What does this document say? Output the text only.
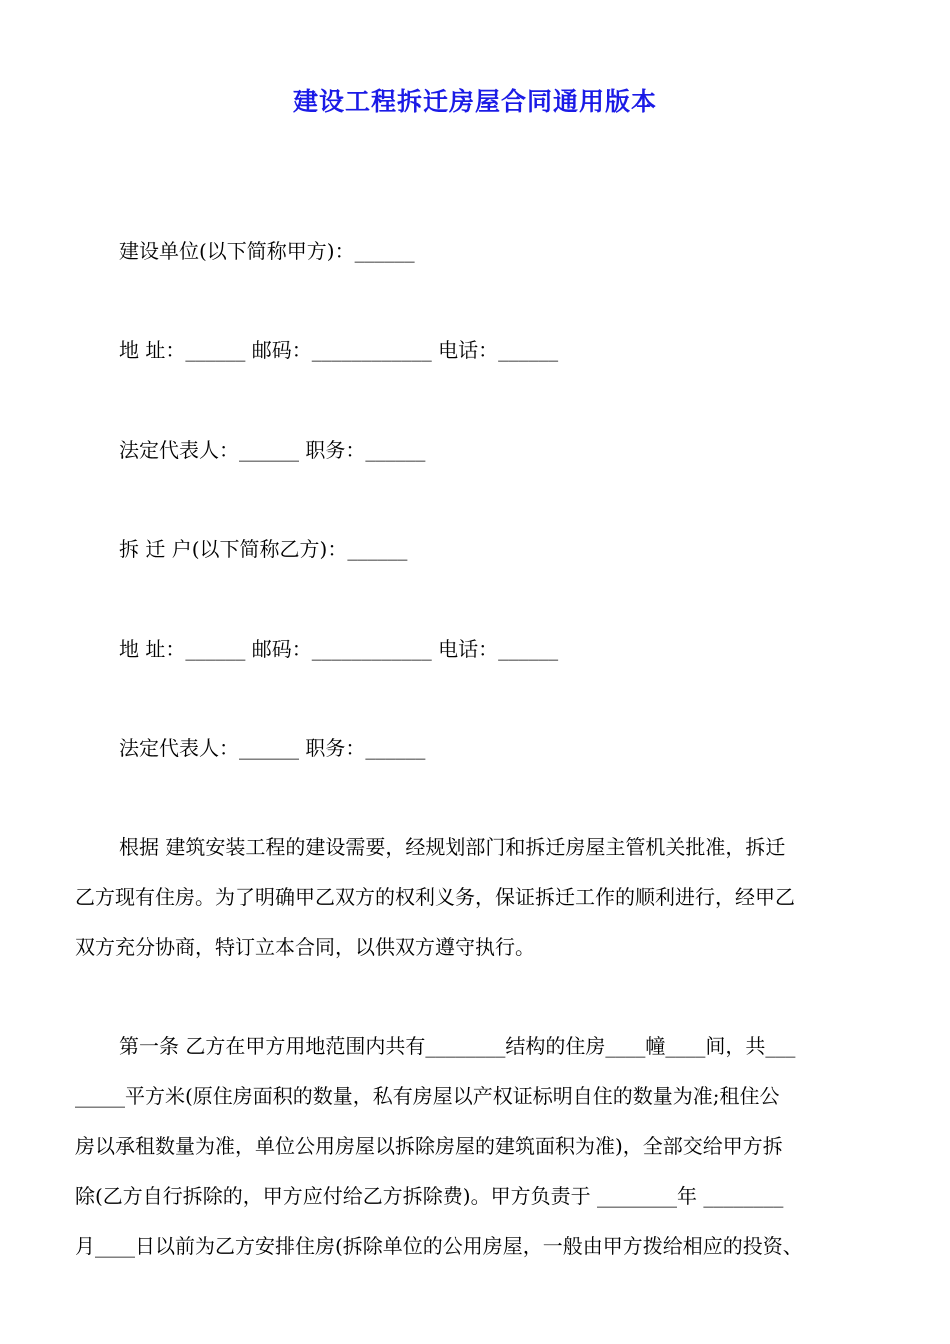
建设工程拆迁房屋合同通用版本
建设单位(以下简称甲方)：______
地 址：______ 邮码：____________ 电话：______
法定代表人：______ 职务：______
拆 迁 户(以下简称乙方)：______
地 址：______ 邮码：____________ 电话：______
法定代表人：______ 职务：______
根据 建筑安装工程的建设需要，经规划部门和拆迁房屋主管机关批准，拆迁
乙方现有住房。为了明确甲乙双方的权利义务，保证拆迁工作的顺利进行，经甲乙
双方充分协商，特订立本合同，以供双方遵守执行。
第一条 乙方在甲方用地范围内共有________结构的住房____幢____间，共___
_____平方米(原住房面积的数量，私有房屋以产权证标明自住的数量为准;租住公
房以承租数量为准，单位公用房屋以拆除房屋的建筑面积为准)，全部交给甲方拆
除(乙方自行拆除的，甲方应付给乙方拆除费)。甲方负责于 ________年 ________
月____日以前为乙方安排住房(拆除单位的公用房屋，一般由甲方拨给相应的投资、
